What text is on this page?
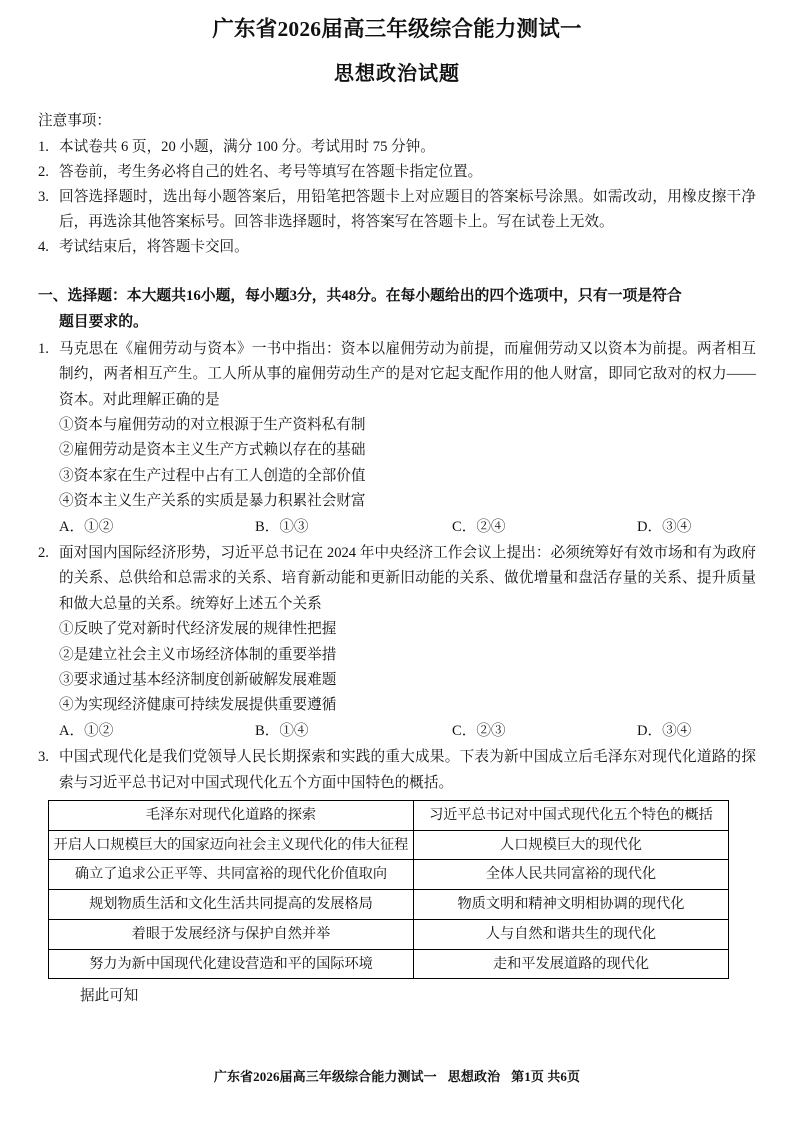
广东省2026届高三年级综合能力测试一
思想政治试题
注意事项：
1. 本试卷共 6 页，20 小题，满分 100 分。考试用时 75 分钟。
2. 答卷前，考生务必将自己的姓名、考号等填写在答题卡指定位置。
3. 回答选择题时，选出每小题答案后，用铅笔把答题卡上对应题目的答案标号涂黑。如需改动，用橡皮擦干净后，再选涂其他答案标号。回答非选择题时，将答案写在答题卡上。写在试卷上无效。
4. 考试结束后，将答题卡交回。
一、选择题：本大题共16小题，每小题3分，共48分。在每小题给出的四个选项中，只有一项是符合
题目要求的。
1. 马克思在《雇佣劳动与资本》一书中指出：资本以雇佣劳动为前提，而雇佣劳动又以资本为前提。两者相互制约，两者相互产生。工人所从事的雇佣劳动生产的是对它起支配作用的他人财富，即同它敌对的权力——资本。对此理解正确的是
①资本与雇佣劳动的对立根源于生产资料私有制
②雇佣劳动是资本主义生产方式赖以存在的基础
③资本家在生产过程中占有工人创造的全部价值
④资本主义生产关系的实质是暴力积累社会财富
A．①②	B．①③	C．②④	D．③④
2. 面对国内国际经济形势，习近平总书记在 2024 年中央经济工作会议上提出：必须统筹好有效市场和有为政府的关系、总供给和总需求的关系、培育新动能和更新旧动能的关系、做优增量和盘活存量的关系、提升质量和做大总量的关系。统筹好上述五个关系
①反映了党对新时代经济发展的规律性把握
②是建立社会主义市场经济体制的重要举措
③要求通过基本经济制度创新破解发展难题
④为实现经济健康可持续发展提供重要遵循
A．①②	B．①④	C．②③	D．③④
3. 中国式现代化是我们党领导人民长期探索和实践的重大成果。下表为新中国成立后毛泽东对现代化道路的探索与习近平总书记对中国式现代化五个方面中国特色的概括。
毛泽东对现代化道路的探索	习近平总书记对中国式现代化五个特色的概括
开启人口规模巨大的国家迈向社会主义现代化的伟大征程	人口规模巨大的现代化
确立了追求公正平等、共同富裕的现代化价值取向	全体人民共同富裕的现代化
规划物质生活和文化生活共同提高的发展格局	物质文明和精神文明相协调的现代化
着眼于发展经济与保护自然并举	人与自然和谐共生的现代化
努力为新中国现代化建设营造和平的国际环境	走和平发展道路的现代化
据此可知
广东省2026届高三年级综合能力测试一 思想政治 第1页 共6页
